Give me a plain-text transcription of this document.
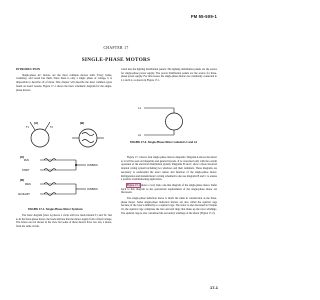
FM 55-509-1
CHAPTER 17
SINGLE-PHASE MOTORS

INTRODUCTION

Single-phase AC motors are the most common motors built. Every home, workshop, and vessel has them. Since there is only a single phase of voltage, it is impossible to describe all of these. This chapter will describe the most common types found on board vessels. Figure 17-1 shows the basic schematic diagram for the single-phase motors.

(A)
T1	T2
(B)
(C)
RUN
START
COMMON
(D)
MAIN
AUXILIARY
COMMON
FIGURE 17-1. Single-Phase Motor Symbols

The basic diagram (view A) shows a circle with two leads labeled T1 and T2. Just as in the three-phase motor, the leads indicate that the motor supply from a fixed voltage. The letters are not shown in the view but some of these motors have two run, a motor, from the same circuit.

wired into the lighting distribution panels. The lighting distribution panels are the source for single-phase power supply. The power distribution panels are the source for three-phase power supply. For this reason, the single-phase motors are commonly connected to L1 and L2, as shown in Figure 17-1.

L1
L2
FIGURE 17-2. Single-Phase Motor Labeled L1 and L2

Figure 17-1 shows four single-phase motors diagrams. Diagram A shows the motor as it will be seen on blueprints and general layouts. It is concerned only with the overall operation of the electrical distribution system. Diagrams B and C show a more involved internal wiring system including two windows and their terminals. These diagrams are necessary to understand the exact nature and function of the single-phase motor. Refrigeration and manufacturer's wiring schematics also use diagrams B and C to ensure a positive troubleshooting application.

Figure 17-1 shows a very basic one-line diagram of the single-phase motor. Refer back to this diagram as the operational requirements of the single-phase motor are discussed.

The single-phase induction motor is much the same in construction as the three-phase motor. Some single-phase induction motors are also called the squirrel cage because of the rotor's similarity to a squirrel cage. The stator is also discussed in Chapter 16, the squirrel cage comprises the bars and end rings that make up the rotor windings. The squirrel cage is also considered the secondary windings of the motor (Figure 17-2).

17-1
